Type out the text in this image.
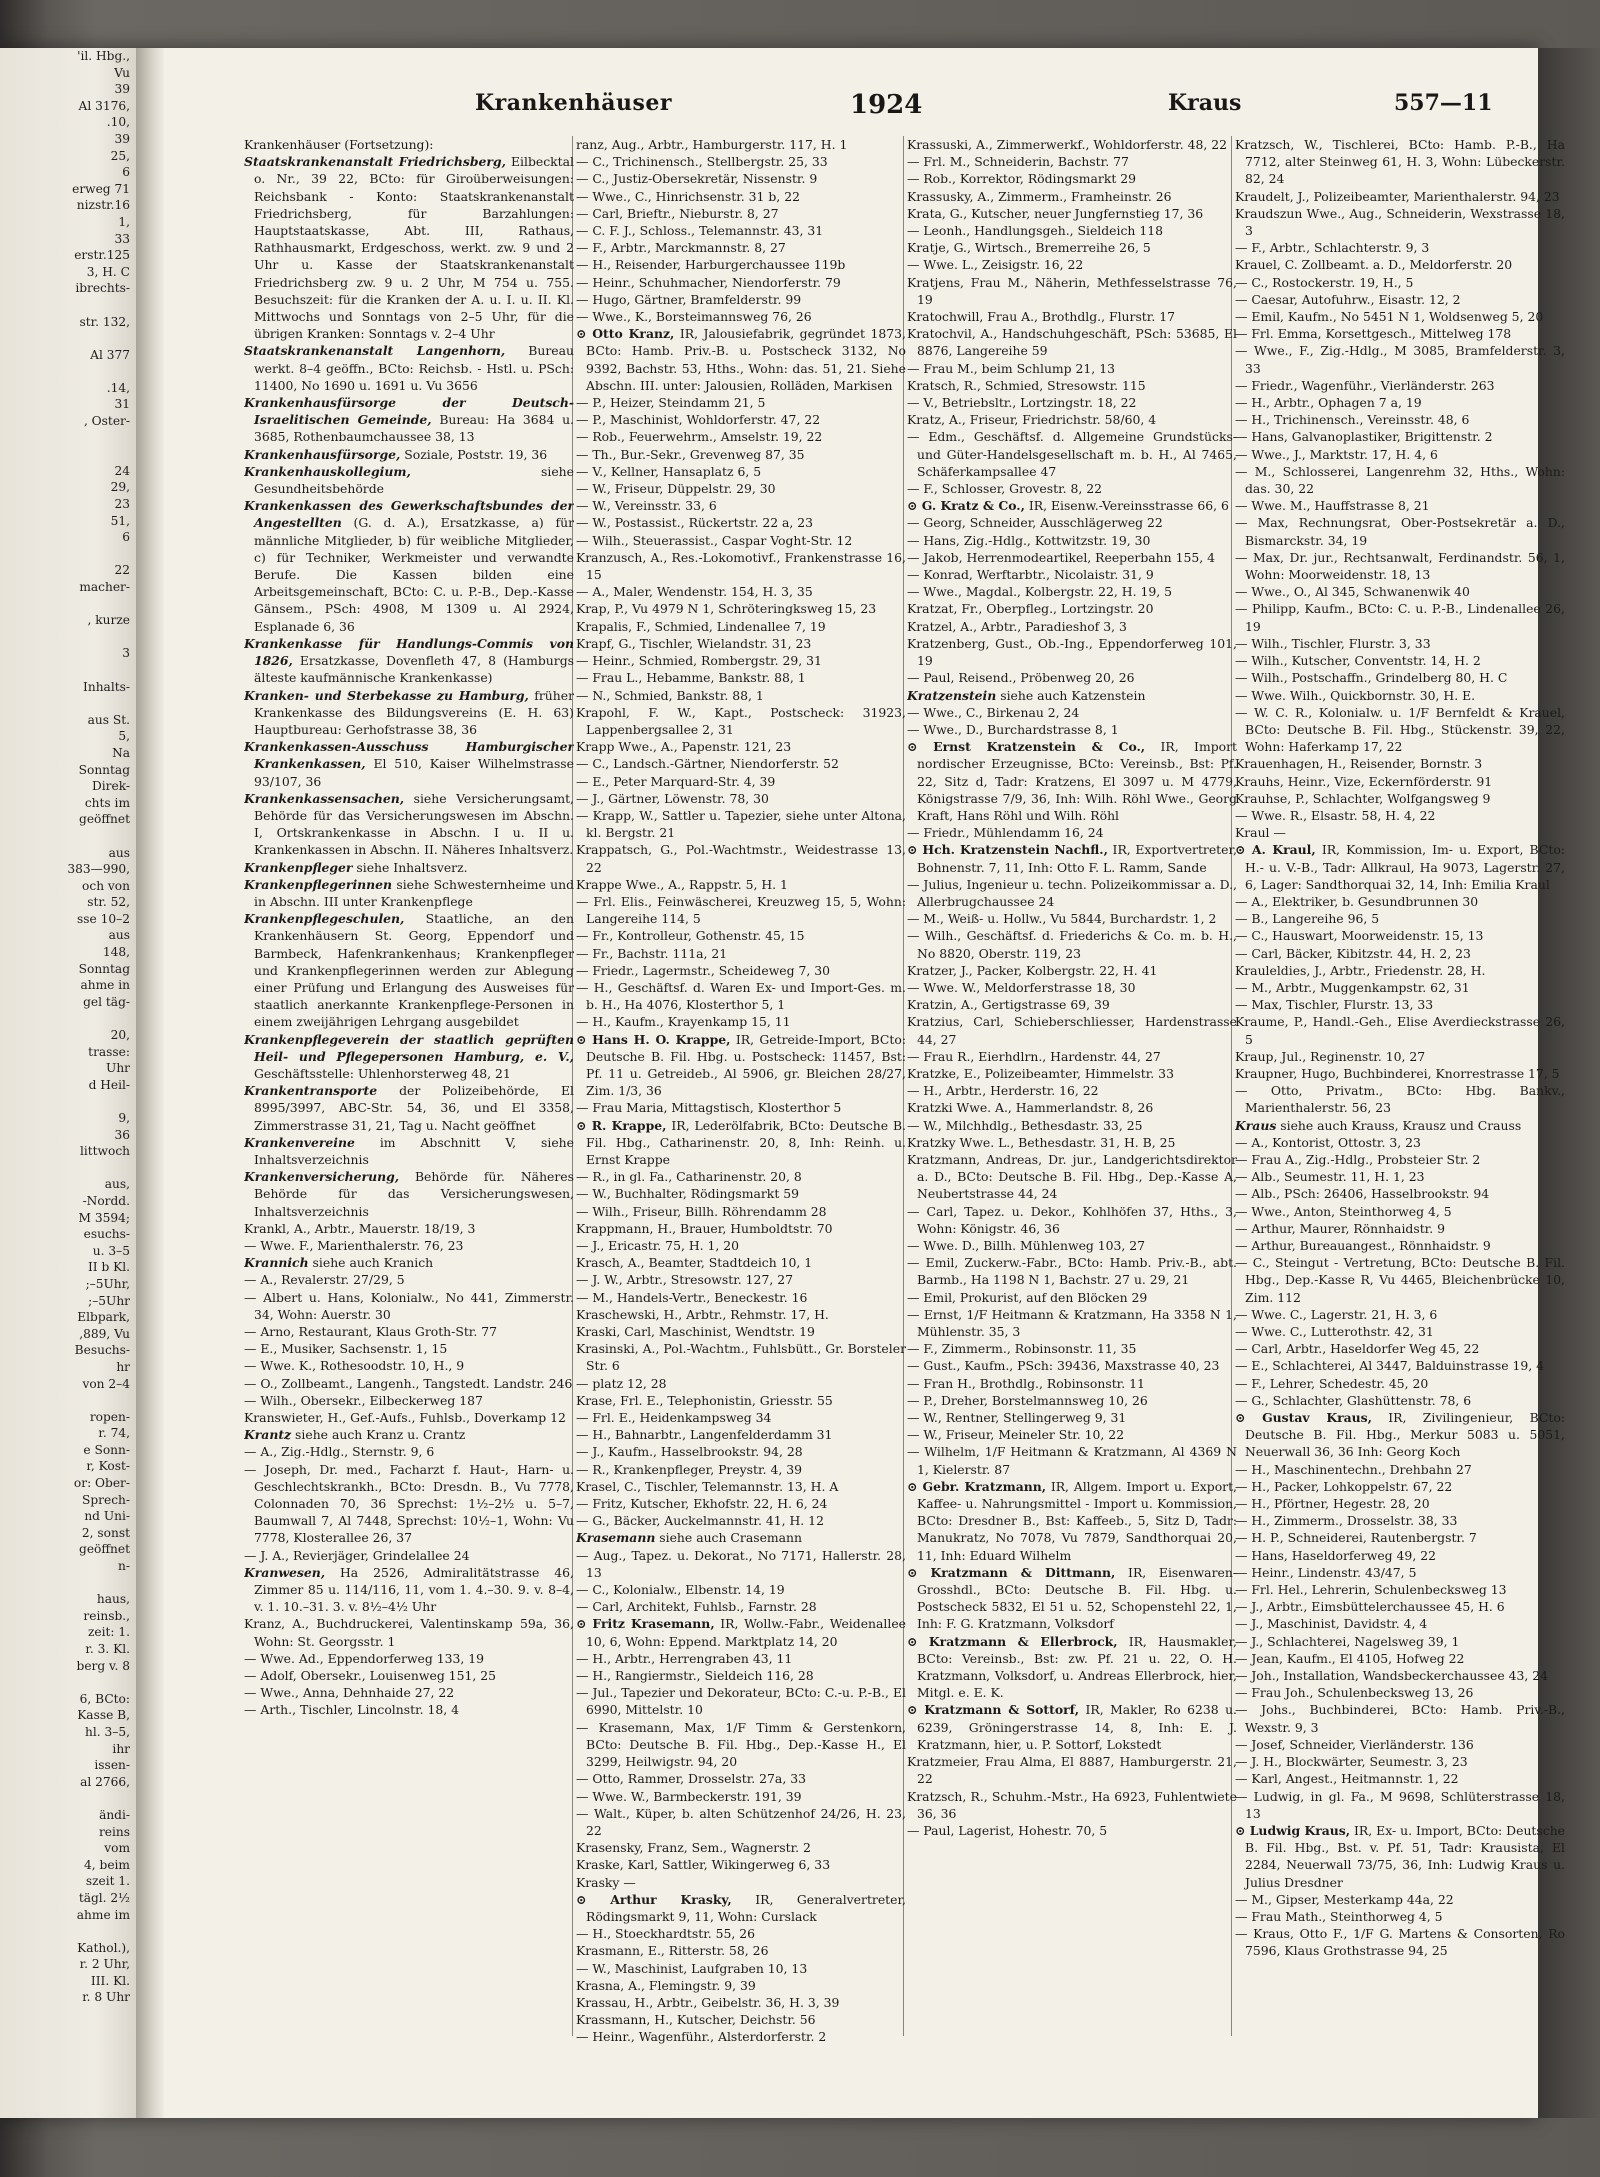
'il. Hbg.,
Vu
39
Al 3176,
.10,
39
25,
6
erweg 71
nizstr.16
1,
33
erstr.125
3, H. C
ibrechts-

str. 132,

Al 377

.14,
31
, Oster-

24
29,
23
51,
6

22
macher-

, kurze

3

Inhalts-

aus St.
5,
Na
Sonntag
Direk-
chts im
geöffnet

aus
383—990,
och von
str. 52,
sse 10–2
aus
148,
Sonntag
ahme in
gel täg-

20,
trasse:
Uhr
d Heil-

9,
36
littwoch

aus,
-Nordd.
M 3594;
esuchs-
u. 3–5
II b Kl.
;–5Uhr,
;–5Uhr
Elbpark,
,889, Vu
Besuchs-
hr
von 2–4

ropen-
r. 74,
e Sonn-
r, Kost-
or: Ober-
Sprech-
nd Uni-
2, sonst
geöffnet
n-

haus,
reinsb.,
zeit: 1.
r. 3. Kl.
berg v. 8

6, BCto:
Kasse B,
hl. 3–5,
ihr
issen-
al 2766,

ändi-
reins
vom
4, beim
szeit 1.
tägl. 2½
ahme im

Kathol.),
r. 2 Uhr,
III. Kl.
r. 8 Uhr
Krankenhäuser	1924	Kraus	557—11

Krankenhäuser (Fortsetzung):

Staatskrankenanstalt Friedrichsberg, Eilbecktal o. Nr., 39 22, BCto: für Giroüberweisungen: Reichsbank - Konto: Staatskrankenanstalt Friedrichsberg, für Barzahlungen: Hauptstaatskasse, Abt. III, Rathaus, Rathhausmarkt, Erdgeschoss, werkt. zw. 9 und 2 Uhr u. Kasse der Staatskrankenanstalt Friedrichsberg zw. 9 u. 2 Uhr, M 754 u. 755. Besuchszeit: für die Kranken der A. u. I. u. II. Kl. Mittwochs und Sonntags von 2–5 Uhr, für die übrigen Kranken: Sonntags v. 2–4 Uhr

Staatskrankenanstalt Langenhorn, Bureau werkt. 8–4 geöffn., BCto: Reichsb. - Hstl. u. PSch: 11400, No 1690 u. 1691 u. Vu 3656

Krankenhausfürsorge der Deutsch-Israelitischen Gemeinde, Bureau: Ha 3684 u. 3685, Rothenbaumchaussee 38, 13

Krankenhausfürsorge, Soziale, Poststr. 19, 36

Krankenhauskollegium, siehe Gesundheitsbehörde

Krankenkassen des Gewerkschaftsbundes der Angestellten (G. d. A.), Ersatzkasse, a) für männliche Mitglieder, b) für weibliche Mitglieder, c) für Techniker, Werkmeister und verwandte Berufe. Die Kassen bilden eine Arbeitsgemeinschaft, BCto: C. u. P.-B., Dep.-Kasse Gänsem., PSch: 4908, M 1309 u. Al 2924, Esplanade 6, 36

Krankenkasse für Handlungs-Commis von 1826, Ersatzkasse, Dovenfleth 47, 8 (Hamburgs älteste kaufmännische Krankenkasse)

Kranken- und Sterbekasse zu Hamburg, früher Krankenkasse des Bildungsvereins (E. H. 63) Hauptbureau: Gerhofstrasse 38, 36

Krankenkassen-Ausschuss Hamburgischer Krankenkassen, El 510, Kaiser Wilhelmstrasse 93/107, 36

Krankenkassensachen, siehe Versicherungsamt, Behörde für das Versicherungswesen im Abschn. I, Ortskrankenkasse in Abschn. I u. II u. Krankenkassen in Abschn. II. Näheres Inhaltsverz.

Krankenpfleger siehe Inhaltsverz.

Krankenpflegerinnen siehe Schwesternheime und in Abschn. III unter Krankenpflege

Krankenpflegeschulen, Staatliche, an den Krankenhäusern St. Georg, Eppendorf und Barmbeck, Hafenkrankenhaus; Krankenpfleger und Krankenpflegerinnen werden zur Ablegung einer Prüfung und Erlangung des Ausweises für staatlich anerkannte Krankenpflege-Personen in einem zweijährigen Lehrgang ausgebildet

Krankenpflegeverein der staatlich geprüften Heil- und Pflegepersonen Hamburg, e. V., Geschäftsstelle: Uhlenhorsterweg 48, 21

Krankentransporte der Polizeibehörde, El 8995/3997, ABC-Str. 54, 36, und El 3358, Zimmerstrasse 31, 21, Tag u. Nacht geöffnet

Krankenvereine im Abschnitt V, siehe Inhaltsverzeichnis

Krankenversicherung, Behörde für. Näheres Behörde für das Versicherungswesen, Inhaltsverzeichnis

Krankl, A., Arbtr., Mauerstr. 18/19, 3

— Wwe. F., Marienthalerstr. 76, 23

Krannich siehe auch Kranich

— A., Revalerstr. 27/29, 5

— Albert u. Hans, Kolonialw., No 441, Zimmerstr. 34, Wohn: Auerstr. 30

— Arno, Restaurant, Klaus Groth-Str. 77

— E., Musiker, Sachsenstr. 1, 15

— Wwe. K., Rothesoodstr. 10, H., 9

— O., Zollbeamt., Langenh., Tangstedt. Landstr. 246

— Wilh., Obersekr., Eilbeckerweg 187

Kranswieter, H., Gef.-Aufs., Fuhlsb., Doverkamp 12

Krantz siehe auch Kranz u. Crantz

— A., Zig.-Hdlg., Sternstr. 9, 6

— Joseph, Dr. med., Facharzt f. Haut-, Harn- u. Geschlechtskrankh., BCto: Dresdn. B., Vu 7778, Colonnaden 70, 36 Sprechst: 1½–2½ u. 5–7, Baumwall 7, Al 7448, Sprechst: 10½–1, Wohn: Vu 7778, Klosterallee 26, 37

— J. A., Revierjäger, Grindelallee 24

Kranwesen, Ha 2526, Admiralitätstrasse 46, Zimmer 85 u. 114/116, 11, vom 1. 4.–30. 9. v. 8–4, v. 1. 10.–31. 3. v. 8½–4½ Uhr

Kranz, A., Buchdruckerei, Valentinskamp 59a, 36, Wohn: St. Georgsstr. 1

— Wwe. Ad., Eppendorferweg 133, 19

— Adolf, Obersekr., Louisenweg 151, 25

— Wwe., Anna, Dehnhaide 27, 22

— Arth., Tischler, Lincolnstr. 18, 4

ranz, Aug., Arbtr., Hamburgerstr. 117, H. 1

— C., Trichinensch., Stellbergstr. 25, 33

— C., Justiz-Obersekretär, Nissenstr. 9

— Wwe., C., Hinrichsenstr. 31 b, 22

— Carl, Brieftr., Nieburstr. 8, 27

— C. F. J., Schloss., Telemannstr. 43, 31

— F., Arbtr., Marckmannstr. 8, 27

— H., Reisender, Harburgerchaussee 119b

— Heinr., Schuhmacher, Niendorferstr. 79

— Hugo, Gärtner, Bramfelderstr. 99

— Wwe., K., Borsteimannsweg 76, 26

⊙ Otto Kranz, IR, Jalousiefabrik, gegründet 1873, BCto: Hamb. Priv.-B. u. Postscheck 3132, No 9392, Bachstr. 53, Hths., Wohn: das. 51, 21. Siehe Abschn. III. unter: Jalousien, Rolläden, Markisen

— P., Heizer, Steindamm 21, 5

— P., Maschinist, Wohldorferstr. 47, 22

— Rob., Feuerwehrm., Amselstr. 19, 22

— Th., Bur.-Sekr., Grevenweg 87, 35

— V., Kellner, Hansaplatz 6, 5

— W., Friseur, Düppelstr. 29, 30

— W., Vereinsstr. 33, 6

— W., Postassist., Rückertstr. 22 a, 23

— Wilh., Steuerassist., Caspar Voght-Str. 12

Kranzusch, A., Res.-Lokomotivf., Frankenstrasse 16, 15

— A., Maler, Wendenstr. 154, H. 3, 35

Krap, P., Vu 4979 N 1, Schröteringksweg 15, 23

Krapalis, F., Schmied, Lindenallee 7, 19

Krapf, G., Tischler, Wielandstr. 31, 23

— Heinr., Schmied, Rombergstr. 29, 31

— Frau L., Hebamme, Bankstr. 88, 1

— N., Schmied, Bankstr. 88, 1

Krapohl, F. W., Kapt., Postscheck: 31923, Lappenbergsallee 2, 31

Krapp Wwe., A., Papenstr. 121, 23

— C., Landsch.-Gärtner, Niendorferstr. 52

— E., Peter Marquard-Str. 4, 39

— J., Gärtner, Löwenstr. 78, 30

— Krapp, W., Sattler u. Tapezier, siehe unter Altona, kl. Bergstr. 21

Krappatsch, G., Pol.-Wachtmstr., Weidestrasse 13, 22

Krappe Wwe., A., Rappstr. 5, H. 1

— Frl. Elis., Feinwäscherei, Kreuzweg 15, 5, Wohn: Langereihe 114, 5

— Fr., Kontrolleur, Gothenstr. 45, 15

— Fr., Bachstr. 111a, 21

— Friedr., Lagermstr., Scheideweg 7, 30

— H., Geschäftsf. d. Waren Ex- und Import-Ges. m. b. H., Ha 4076, Klosterthor 5, 1

— H., Kaufm., Krayenkamp 15, 11

⊙ Hans H. O. Krappe, IR, Getreide-Import, BCto: Deutsche B. Fil. Hbg. u. Postscheck: 11457, Bst: Pf. 11 u. Getreideb., Al 5906, gr. Bleichen 28/27, Zim. 1/3, 36

— Frau Maria, Mittagstisch, Klosterthor 5

⊙ R. Krappe, IR, Lederölfabrik, BCto: Deutsche B. Fil. Hbg., Catharinenstr. 20, 8, Inh: Reinh. u. Ernst Krappe

— R., in gl. Fa., Catharinenstr. 20, 8

— W., Buchhalter, Rödingsmarkt 59

— Wilh., Friseur, Billh. Röhrendamm 28

Krappmann, H., Brauer, Humboldtstr. 70

— J., Ericastr. 75, H. 1, 20

Krasch, A., Beamter, Stadtdeich 10, 1

— J. W., Arbtr., Stresowstr. 127, 27

— M., Handels-Vertr., Beneckestr. 16

Kraschewski, H., Arbtr., Rehmstr. 17, H.

Kraski, Carl, Maschinist, Wendtstr. 19

Krasinski, A., Pol.-Wachtm., Fuhlsbütt., Gr. Borsteler Str. 6

— platz 12, 28

Krase, Frl. E., Telephonistin, Griesstr. 55

— Frl. E., Heidenkampsweg 34

— H., Bahnarbtr., Langenfelderdamm 31

— J., Kaufm., Hasselbrookstr. 94, 28

— R., Krankenpfleger, Preystr. 4, 39

Krasel, C., Tischler, Telemannstr. 13, H. A

— Fritz, Kutscher, Ekhofstr. 22, H. 6, 24

— G., Bäcker, Auckelmannstr. 41, H. 12

Krasemann siehe auch Crasemann

— Aug., Tapez. u. Dekorat., No 7171, Hallerstr. 28, 13

— C., Kolonialw., Elbenstr. 14, 19

— Carl, Architekt, Fuhlsb., Farnstr. 28

⊙ Fritz Krasemann, IR, Wollw.-Fabr., Weidenallee 10, 6, Wohn: Eppend. Marktplatz 14, 20

— H., Arbtr., Herrengraben 43, 11

— H., Rangiermstr., Sieldeich 116, 28

— Jul., Tapezier und Dekorateur, BCto: C.-u. P.-B., El 6990, Mittelstr. 10

— Krasemann, Max, 1/F Timm & Gerstenkorn, BCto: Deutsche B. Fil. Hbg., Dep.-Kasse H., El 3299, Heilwigstr. 94, 20

— Otto, Rammer, Drosselstr. 27a, 33

— Wwe. W., Barmbeckerstr. 191, 39

— Walt., Küper, b. alten Schützenhof 24/26, H. 23, 22

Krasensky, Franz, Sem., Wagnerstr. 2

Kraske, Karl, Sattler, Wikingerweg 6, 33

Krasky —

⊙ Arthur Krasky, IR, Generalvertreter, Rödingsmarkt 9, 11, Wohn: Curslack

— H., Stoeckhardtstr. 55, 26

Krasmann, E., Ritterstr. 58, 26

— W., Maschinist, Laufgraben 10, 13

Krasna, A., Flemingstr. 9, 39

Krassau, H., Arbtr., Geibelstr. 36, H. 3, 39

Krassmann, H., Kutscher, Deichstr. 56

— Heinr., Wagenführ., Alsterdorferstr. 2

Krassuski, A., Zimmerwerkf., Wohldorferstr. 48, 22

— Frl. M., Schneiderin, Bachstr. 77

— Rob., Korrektor, Rödingsmarkt 29

Krassusky, A., Zimmerm., Framheinstr. 26

Krata, G., Kutscher, neuer Jungfernstieg 17, 36

— Leonh., Handlungsgeh., Sieldeich 118

Kratje, G., Wirtsch., Bremerreihe 26, 5

— Wwe. L., Zeisigstr. 16, 22

Kratjens, Frau M., Näherin, Methfesselstrasse 76, 19

Kratochwill, Frau A., Brothdlg., Flurstr. 17

Kratochvil, A., Handschuhgeschäft, PSch: 53685, El 8876, Langereihe 59

— Frau M., beim Schlump 21, 13

Kratsch, R., Schmied, Stresowstr. 115

— V., Betriebsltr., Lortzingstr. 18, 22

Kratz, A., Friseur, Friedrichstr. 58/60, 4

— Edm., Geschäftsf. d. Allgemeine Grundstücks- und Güter-Handelsgesellschaft m. b. H., Al 7465, Schäferkampsallee 47

— F., Schlosser, Grovestr. 8, 22

⊙ G. Kratz & Co., IR, Eisenw.-Vereinsstrasse 66, 6

— Georg, Schneider, Ausschlägerweg 22

— Hans, Zig.-Hdlg., Kottwitzstr. 19, 30

— Jakob, Herrenmodeartikel, Reeperbahn 155, 4

— Konrad, Werftarbtr., Nicolaistr. 31, 9

— Wwe., Magdal., Kolbergstr. 22, H. 19, 5

Kratzat, Fr., Oberpfleg., Lortzingstr. 20

Kratzel, A., Arbtr., Paradieshof 3, 3

Kratzenberg, Gust., Ob.-Ing., Eppendorferweg 101, 19

— Paul, Reisend., Pröbenweg 20, 26

Kratzenstein siehe auch Katzenstein

— Wwe., C., Birkenau 2, 24

— Wwe., D., Burchardstrasse 8, 1

⊙ Ernst Kratzenstein & Co., IR, Import nordischer Erzeugnisse, BCto: Vereinsb., Bst: Pf. 22, Sitz d, Tadr: Kratzens, El 3097 u. M 4779, Königstrasse 7/9, 36, Inh: Wilh. Röhl Wwe., Georg Kraft, Hans Röhl und Wilh. Röhl

— Friedr., Mühlendamm 16, 24

⊙ Hch. Kratzenstein Nachfl., IR, Exportvertreter, Bohnenstr. 7, 11, Inh: Otto F. L. Ramm, Sande

— Julius, Ingenieur u. techn. Polizeikommissar a. D., Allerbrugchaussee 24

— M., Weiß- u. Hollw., Vu 5844, Burchardstr. 1, 2

— Wilh., Geschäftsf. d. Friederichs & Co. m. b. H., No 8820, Oberstr. 119, 23

Kratzer, J., Packer, Kolbergstr. 22, H. 41

— Wwe. W., Meldorferstrasse 18, 30

Kratzin, A., Gertigstrasse 69, 39

Kratzius, Carl, Schieberschliesser, Hardenstrasse 44, 27

— Frau R., Eierhdlrn., Hardenstr. 44, 27

Kratzke, E., Polizeibeamter, Himmelstr. 33

— H., Arbtr., Herderstr. 16, 22

Kratzki Wwe. A., Hammerlandstr. 8, 26

— W., Milchhdlg., Bethesdastr. 33, 25

Kratzky Wwe. L., Bethesdastr. 31, H. B, 25

Kratzmann, Andreas, Dr. jur., Landgerichtsdirektor a. D., BCto: Deutsche B. Fil. Hbg., Dep.-Kasse A, Neubertstrasse 44, 24

— Carl, Tapez. u. Dekor., Kohlhöfen 37, Hths., 3, Wohn: Königstr. 46, 36

— Wwe. D., Billh. Mühlenweg 103, 27

— Emil, Zuckerw.-Fabr., BCto: Hamb. Priv.-B., abt. Barmb., Ha 1198 N 1, Bachstr. 27 u. 29, 21

— Emil, Prokurist, auf den Blöcken 29

— Ernst, 1/F Heitmann & Kratzmann, Ha 3358 N 1, Mühlenstr. 35, 3

— F., Zimmerm., Robinsonstr. 11, 35

— Gust., Kaufm., PSch: 39436, Maxstrasse 40, 23

— Fran H., Brothdlg., Robinsonstr. 11

— P., Dreher, Borstelmannsweg 10, 26

— W., Rentner, Stellingerweg 9, 31

— W., Friseur, Meineler Str. 10, 22

— Wilhelm, 1/F Heitmann & Kratzmann, Al 4369 N 1, Kielerstr. 87

⊙ Gebr. Kratzmann, IR, Allgem. Import u. Export, Kaffee- u. Nahrungsmittel - Import u. Kommission, BCto: Dresdner B., Bst: Kaffeeb., 5, Sitz D, Tadr: Manukratz, No 7078, Vu 7879, Sandthorquai 20, 11, Inh: Eduard Wilhelm

⊙ Kratzmann & Dittmann, IR, Eisenwaren-Grosshdl., BCto: Deutsche B. Fil. Hbg. u. Postscheck 5832, El 51 u. 52, Schopenstehl 22, 1, Inh: F. G. Kratzmann, Volksdorf

⊙ Kratzmann & Ellerbrock, IR, Hausmakler, BCto: Vereinsb., Bst: zw. Pf. 21 u. 22, O. H. Kratzmann, Volksdorf, u. Andreas Ellerbrock, hier, Mitgl. e. E. K.

⊙ Kratzmann & Sottorf, IR, Makler, Ro 6238 u. 6239, Gröningerstrasse 14, 8, Inh: E. J. Kratzmann, hier, u. P. Sottorf, Lokstedt

Kratzmeier, Frau Alma, El 8887, Hamburgerstr. 21, 22

Kratzsch, R., Schuhm.-Mstr., Ha 6923, Fuhlentwiete 36, 36

— Paul, Lagerist, Hohestr. 70, 5

Kratzsch, W., Tischlerei, BCto: Hamb. P.-B., Ha 7712, alter Steinweg 61, H. 3, Wohn: Lübeckerstr. 82, 24

Kraudelt, J., Polizeibeamter, Marienthalerstr. 94, 23

Kraudszun Wwe., Aug., Schneiderin, Wexstrasse 18, 3

— F., Arbtr., Schlachterstr. 9, 3

Krauel, C. Zollbeamt. a. D., Meldorferstr. 20

— C., Rostockerstr. 19, H., 5

— Caesar, Autofuhrw., Eisastr. 12, 2

— Emil, Kaufm., No 5451 N 1, Woldsenweg 5, 20

— Frl. Emma, Korsettgesch., Mittelweg 178

— Wwe., F., Zig.-Hdlg., M 3085, Bramfelderstr. 3, 33

— Friedr., Wagenführ., Vierländerstr. 263

— H., Arbtr., Ophagen 7 a, 19

— H., Trichinensch., Vereinsstr. 48, 6

— Hans, Galvanoplastiker, Brigittenstr. 2

— Wwe., J., Marktstr. 17, H. 4, 6

— M., Schlosserei, Langenrehm 32, Hths., Wohn: das. 30, 22

— Wwe. M., Hauffstrasse 8, 21

— Max, Rechnungsrat, Ober-Postsekretär a. D., Bismarckstr. 34, 19

— Max, Dr. jur., Rechtsanwalt, Ferdinandstr. 56, 1, Wohn: Moorweidenstr. 18, 13

— Wwe., O., Al 345, Schwanenwik 40

— Philipp, Kaufm., BCto: C. u. P.-B., Lindenallee 26, 19

— Wilh., Tischler, Flurstr. 3, 33

— Wilh., Kutscher, Conventstr. 14, H. 2

— Wilh., Postschaffn., Grindelberg 80, H. C

— Wwe. Wilh., Quickbornstr. 30, H. E.

— W. C. R., Kolonialw. u. 1/F Bernfeldt & Krauel, BCto: Deutsche B. Fil. Hbg., Stückenstr. 39, 22, Wohn: Haferkamp 17, 22

Krauenhagen, H., Reisender, Bornstr. 3

Krauhs, Heinr., Vize, Eckernförderstr. 91

Krauhse, P., Schlachter, Wolfgangsweg 9

— Wwe. R., Elsastr. 58, H. 4, 22

Kraul —

⊙ A. Kraul, IR, Kommission, Im- u. Export, BCto: H.- u. V.-B., Tadr: Allkraul, Ha 9073, Lagerstr. 27, 6, Lager: Sandthorquai 32, 14, Inh: Emilia Kraul

— A., Elektriker, b. Gesundbrunnen 30

— B., Langereihe 96, 5

— C., Hauswart, Moorweidenstr. 15, 13

— Carl, Bäcker, Kibitzstr. 44, H. 2, 23

Krauleldies, J., Arbtr., Friedenstr. 28, H.

— M., Arbtr., Muggenkampstr. 62, 31

— Max, Tischler, Flurstr. 13, 33

Kraume, P., Handl.-Geh., Elise Averdieckstrasse 26, 5

Kraup, Jul., Reginenstr. 10, 27

Kraupner, Hugo, Buchbinderei, Knorrestrasse 17, 5

— Otto, Privatm., BCto: Hbg. Bankv., Marienthalerstr. 56, 23

Kraus siehe auch Krauss, Krausz und Crauss

— A., Kontorist, Ottostr. 3, 23

— Frau A., Zig.-Hdlg., Probsteier Str. 2

— Alb., Seumestr. 11, H. 1, 23

— Alb., PSch: 26406, Hasselbrookstr. 94

— Wwe., Anton, Steinthorweg 4, 5

— Arthur, Maurer, Rönnhaidstr. 9

— Arthur, Bureauangest., Rönnhaidstr. 9

— C., Steingut - Vertretung, BCto: Deutsche B. Fil. Hbg., Dep.-Kasse R, Vu 4465, Bleichenbrücke 10, Zim. 112

— Wwe. C., Lagerstr. 21, H. 3, 6

— Wwe. C., Lutterothstr. 42, 31

— Carl, Arbtr., Haseldorfer Weg 45, 22

— E., Schlachterei, Al 3447, Balduinstrasse 19, 4

— F., Lehrer, Schedestr. 45, 20

— G., Schlachter, Glashüttenstr. 78, 6

⊙ Gustav Kraus, IR, Zivilingenieur, BCto: Deutsche B. Fil. Hbg., Merkur 5083 u. 5051, Neuerwall 36, 36 Inh: Georg Koch

— H., Maschinentechn., Drehbahn 27

— H., Packer, Lohkoppelstr. 67, 22

— H., Pförtner, Hegestr. 28, 20

— H., Zimmerm., Drosselstr. 38, 33

— H. P., Schneiderei, Rautenbergstr. 7

— Hans, Haseldorferweg 49, 22

— Heinr., Lindenstr. 43/47, 5

— Frl. Hel., Lehrerin, Schulenbecksweg 13

— J., Arbtr., Eimsbüttelerchaussee 45, H. 6

— J., Maschinist, Davidstr. 4, 4

— J., Schlachterei, Nagelsweg 39, 1

— Jean, Kaufm., El 4105, Hofweg 22

— Joh., Installation, Wandsbeckerchaussee 43, 24

— Frau Joh., Schulenbecksweg 13, 26

— Johs., Buchbinderei, BCto: Hamb. Priv.-B., Wexstr. 9, 3

— Josef, Schneider, Vierländerstr. 136

— J. H., Blockwärter, Seumestr. 3, 23

— Karl, Angest., Heitmannstr. 1, 22

— Ludwig, in gl. Fa., M 9698, Schlüterstrasse 18, 13

⊙ Ludwig Kraus, IR, Ex- u. Import, BCto: Deutsche B. Fil. Hbg., Bst. v. Pf. 51, Tadr: Krausista, El 2284, Neuerwall 73/75, 36, Inh: Ludwig Kraus u. Julius Dresdner

— M., Gipser, Mesterkamp 44a, 22

— Frau Math., Steinthorweg 4, 5

— Kraus, Otto F., 1/F G. Martens & Consorten, Ro 7596, Klaus Grothstrasse 94, 25
